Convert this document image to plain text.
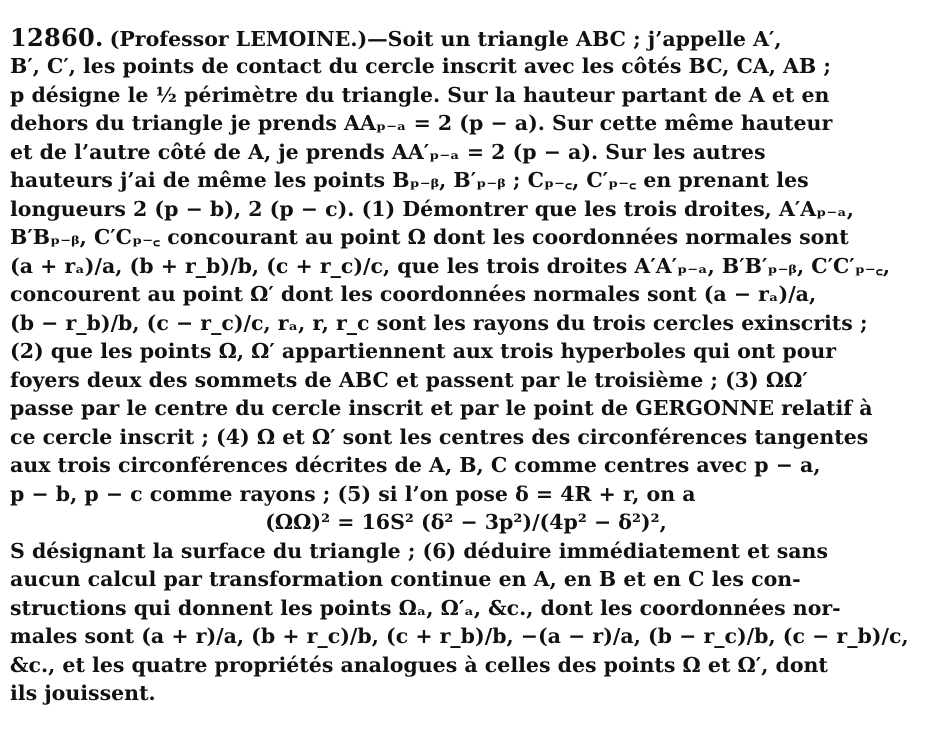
12860. (Professor LEMOINE.)—Soit un triangle ABC ; j’appelle A′,
B′, C′, les points de contact du cercle inscrit avec les côtés BC, CA, AB ;
p désigne le ½ périmètre du triangle. Sur la hauteur partant de A et en
dehors du triangle je prends AAₚ₋ₐ = 2 (p − a). Sur cette même hauteur
et de l’autre côté de A, je prends AA′ₚ₋ₐ = 2 (p − a). Sur les autres
hauteurs j’ai de même les points Bₚ₋ᵦ, B′ₚ₋ᵦ ; Cₚ₋꜀, C′ₚ₋꜀ en prenant les
longueurs 2 (p − b), 2 (p − c). (1) Démontrer que les trois droites, A′Aₚ₋ₐ,
B′Bₚ₋ᵦ, C′Cₚ₋꜀ concourant au point Ω dont les coordonnées normales sont
(a + rₐ)/a, (b + r_b)/b, (c + r_c)/c, que les trois droites A′A′ₚ₋ₐ, B′B′ₚ₋ᵦ, C′C′ₚ₋꜀,
concourent au point Ω′ dont les coordonnées normales sont (a − rₐ)/a,
(b − r_b)/b, (c − r_c)/c, rₐ, r, r_c sont les rayons du trois cercles exinscrits ;
(2) que les points Ω, Ω′ appartiennent aux trois hyperboles qui ont pour
foyers deux des sommets de ABC et passent par le troisième ; (3) ΩΩ′
passe par le centre du cercle inscrit et par le point de GERGONNE relatif à
ce cercle inscrit ; (4) Ω et Ω′ sont les centres des circonférences tangentes
aux trois circonférences décrites de A, B, C comme centres avec p − a,
p − b, p − c comme rayons ; (5) si l’on pose δ = 4R + r, on a
(ΩΩ)² = 16S² (δ² − 3p²)/(4p² − δ²)²,
S désignant la surface du triangle ; (6) déduire immédiatement et sans
aucun calcul par transformation continue en A, en B et en C les con-
structions qui donnent les points Ωₐ, Ω′ₐ, &c., dont les coordonnées nor-
males sont (a + r)/a, (b + r_c)/b, (c + r_b)/b, −(a − r)/a, (b − r_c)/b, (c − r_b)/c,
&c., et les quatre propriétés analogues à celles des points Ω et Ω′, dont
ils jouissent.
